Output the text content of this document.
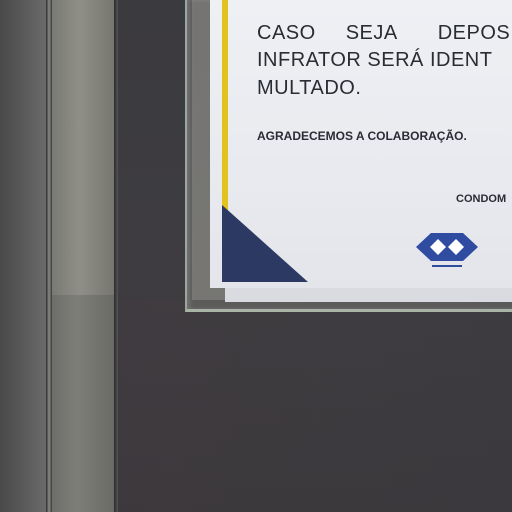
CASO SEJA DEPOS
INFRATOR SERÁ IDENT
MULTADO.
AGRADECEMOS A COLABORAÇÃO.
CONDOM
